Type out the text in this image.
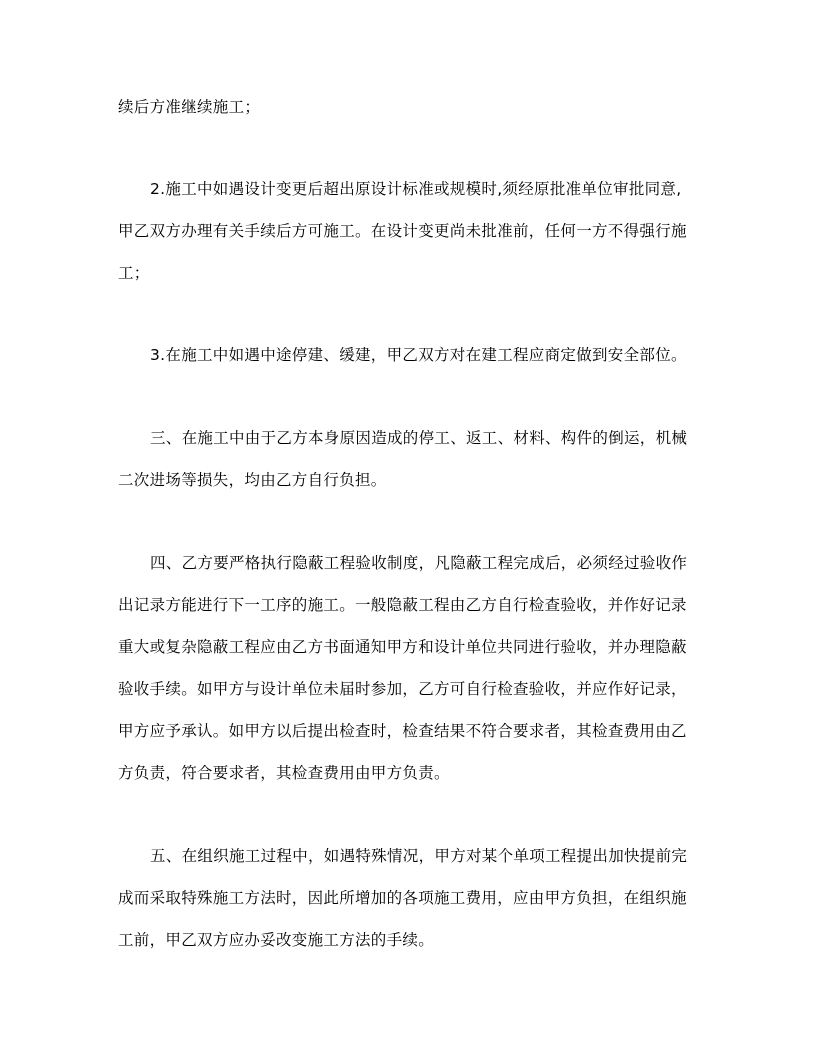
续后方准继续施工；
2.施工中如遇设计变更后超出原设计标准或规模时,须经原批准单位审批同意,
甲乙双方办理有关手续后方可施工。在设计变更尚未批准前，任何一方不得强行施
工；
3.在施工中如遇中途停建、缓建，甲乙双方对在建工程应商定做到安全部位。
三、在施工中由于乙方本身原因造成的停工、返工、材料、构件的倒运，机械
二次进场等损失，均由乙方自行负担。
四、乙方要严格执行隐蔽工程验收制度，凡隐蔽工程完成后，必须经过验收作
出记录方能进行下一工序的施工。一般隐蔽工程由乙方自行检查验收，并作好记录
重大或复杂隐蔽工程应由乙方书面通知甲方和设计单位共同进行验收，并办理隐蔽
验收手续。如甲方与设计单位未届时参加，乙方可自行检查验收，并应作好记录，
甲方应予承认。如甲方以后提出检查时，检查结果不符合要求者，其检查费用由乙
方负责，符合要求者，其检查费用由甲方负责。
五、在组织施工过程中，如遇特殊情况，甲方对某个单项工程提出加快提前完
成而采取特殊施工方法时，因此所增加的各项施工费用，应由甲方负担，在组织施
工前，甲乙双方应办妥改变施工方法的手续。
